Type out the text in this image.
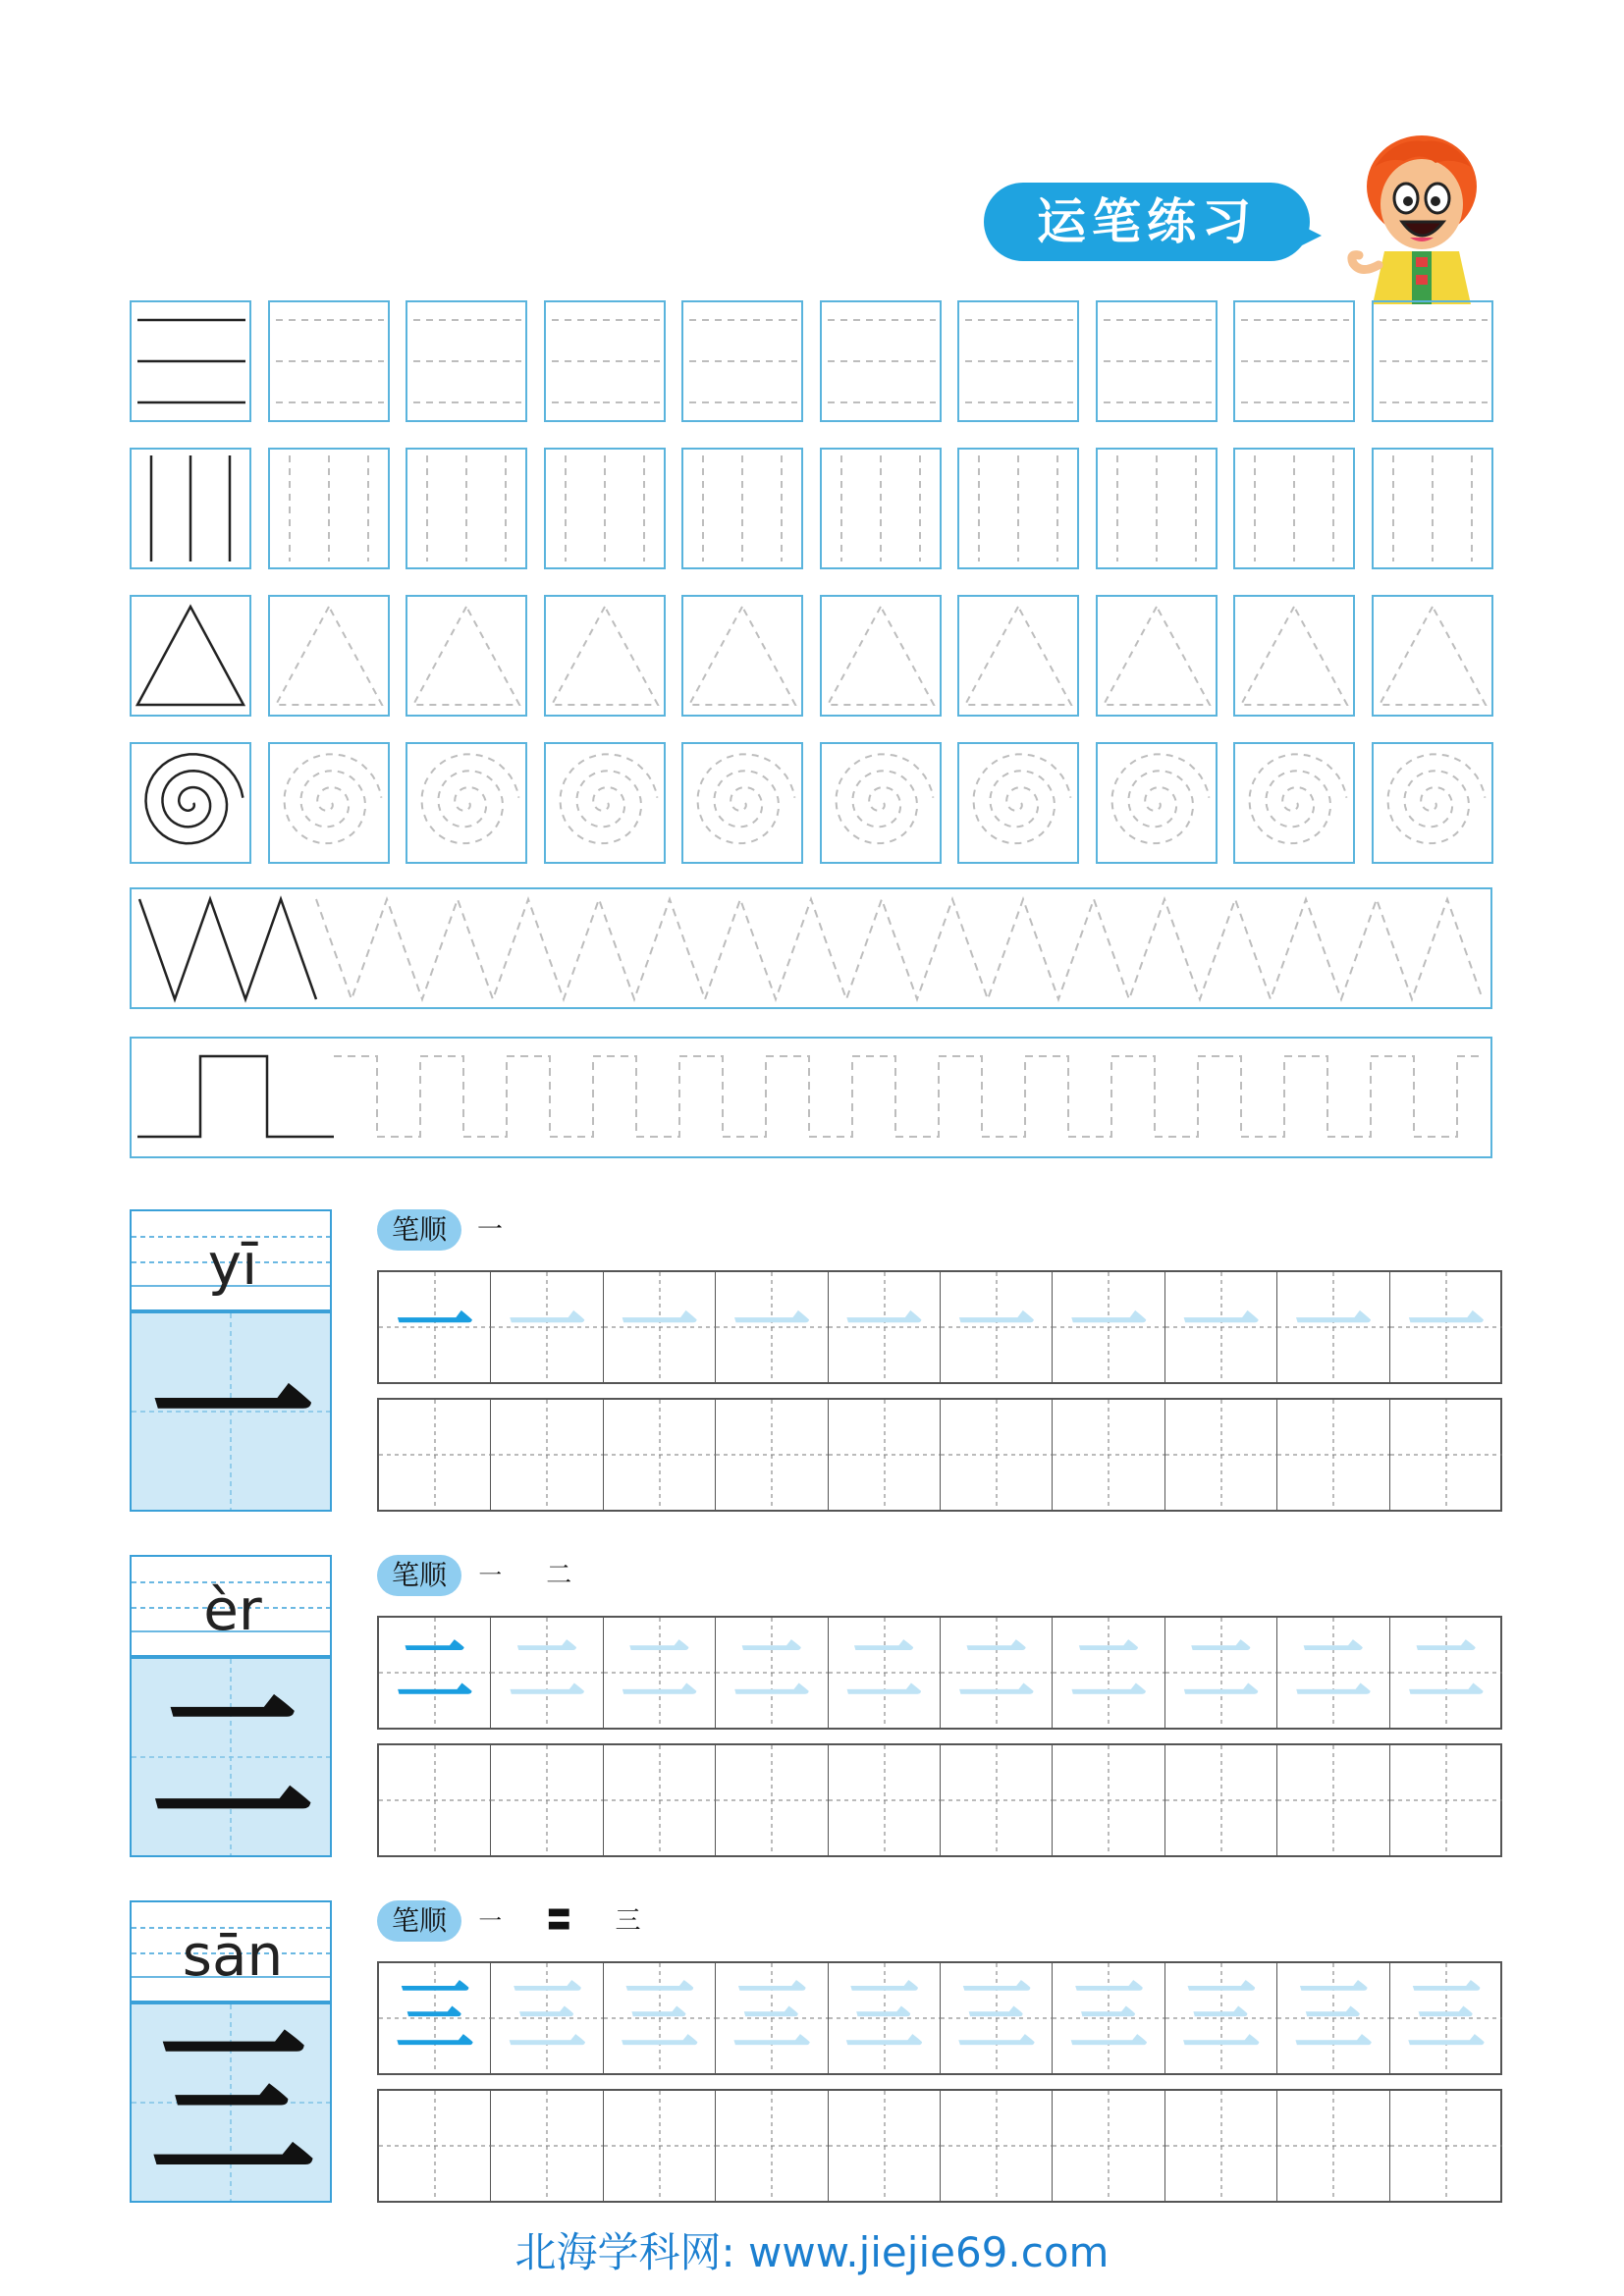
运笔练习
yī
一
笔顺	一
一 一 一 一 一 一 一 一 一 一
èr
二
笔顺	㇐ 二
二 二 二 二 二 二 二 二 二 二
sān
三
笔顺	㇐ 〓 三
三 三 三 三 三 三 三 三 三 三
北海学科网: www.jiejie69.com
